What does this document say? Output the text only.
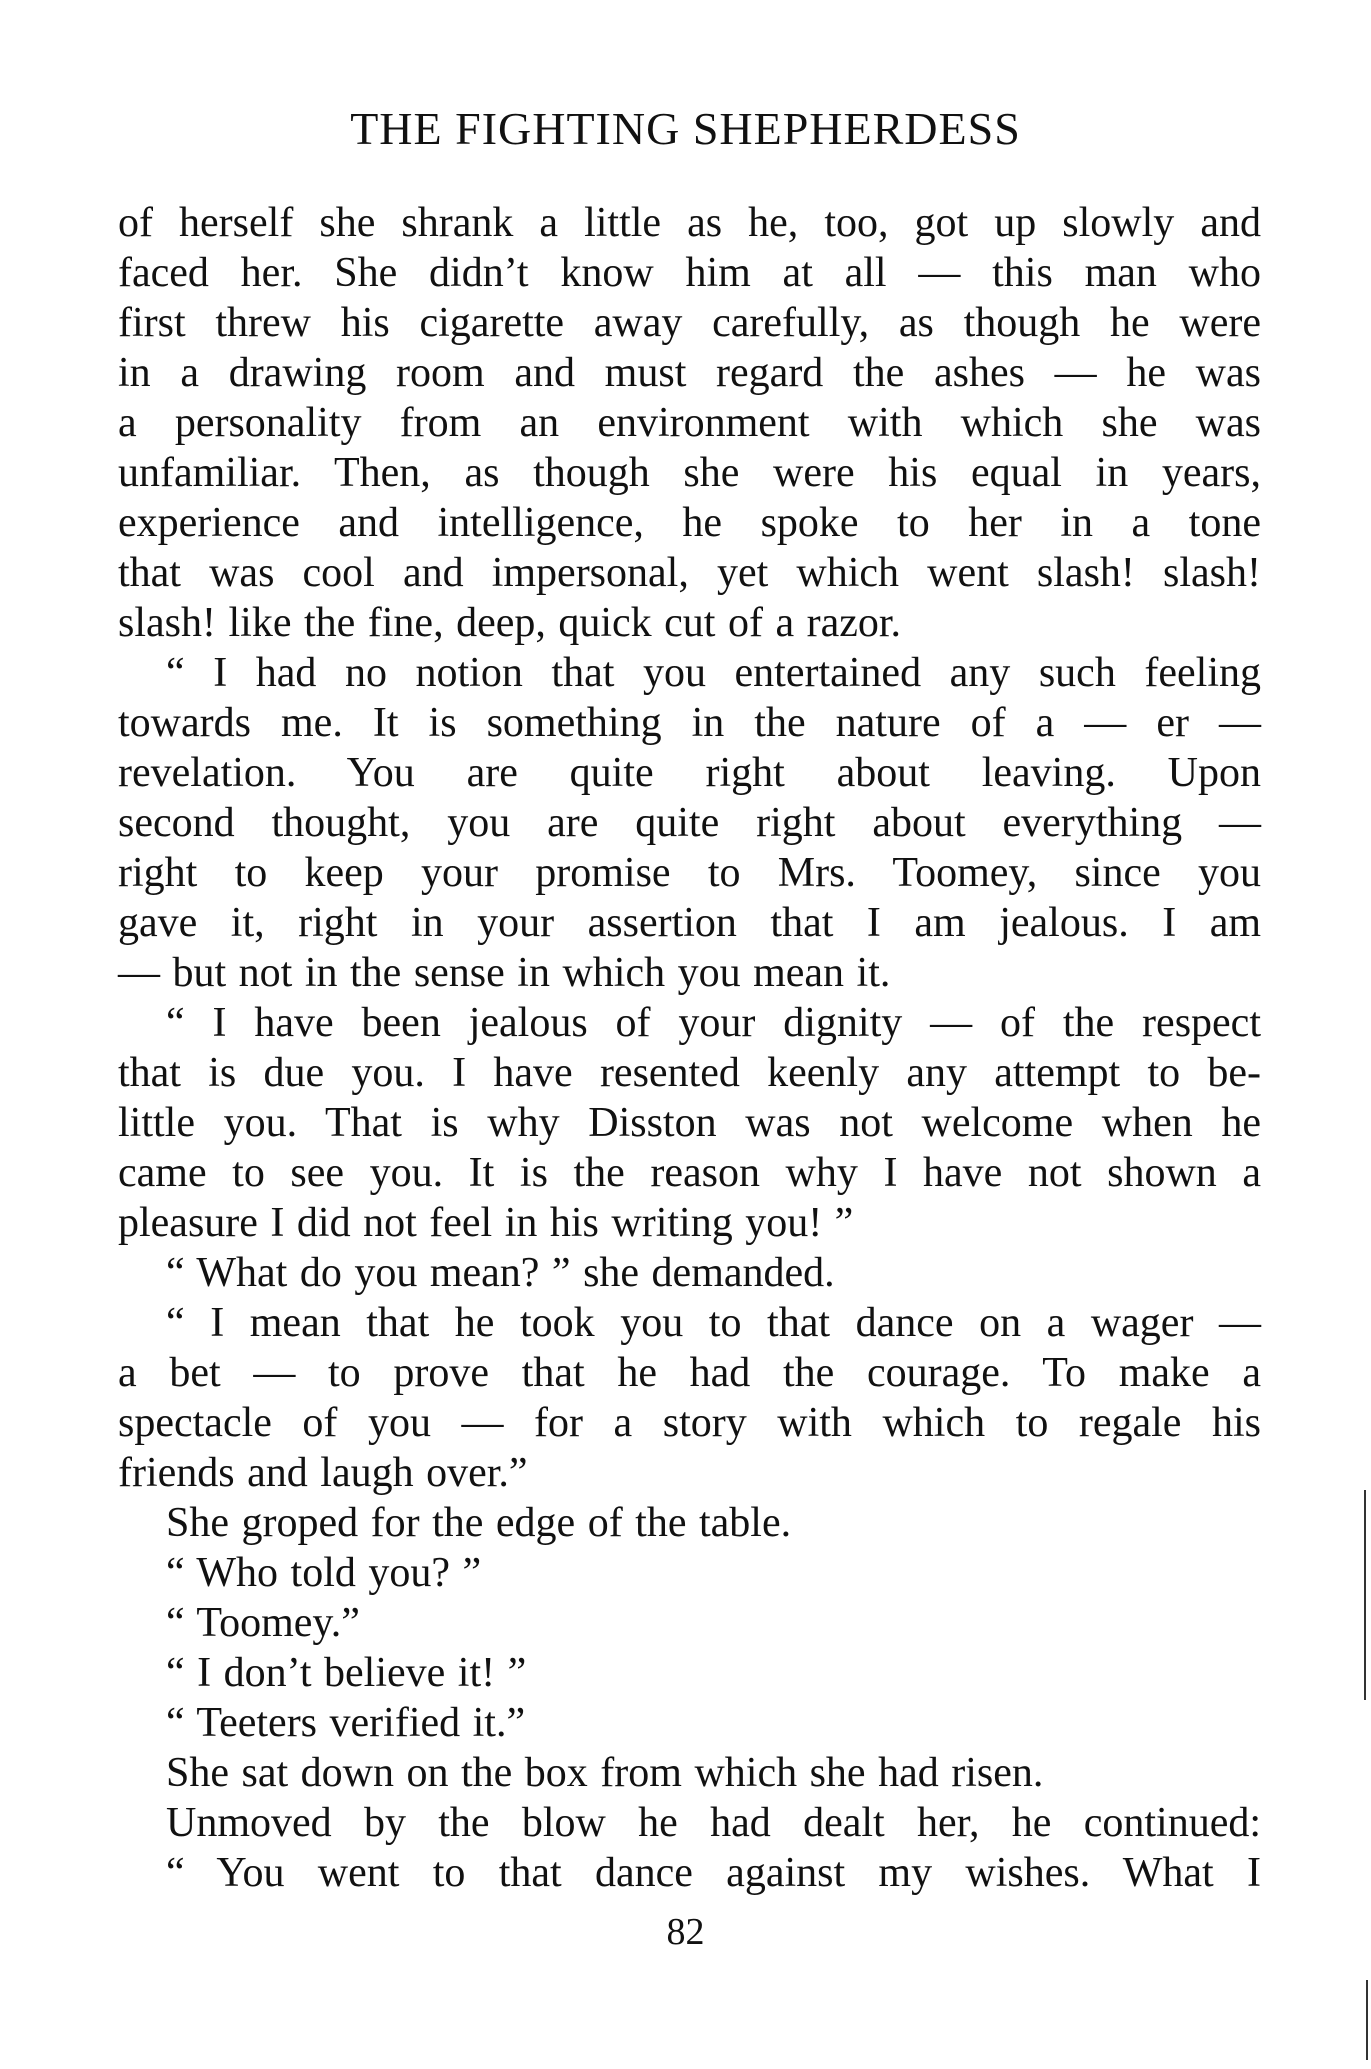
THE FIGHTING SHEPHERDESS
of herself she shrank a little as he, too, got up slowly and
faced her. She didn’t know him at all — this man who
first threw his cigarette away carefully, as though he were
in a drawing room and must regard the ashes — he was
a personality from an environment with which she was
unfamiliar. Then, as though she were his equal in years,
experience and intelligence, he spoke to her in a tone
that was cool and impersonal, yet which went slash! slash!
slash! like the fine, deep, quick cut of a razor.
“ I had no notion that you entertained any such feeling
towards me. It is something in the nature of a — er —
revelation. You are quite right about leaving. Upon
second thought, you are quite right about everything —
right to keep your promise to Mrs. Toomey, since you
gave it, right in your assertion that I am jealous. I am
— but not in the sense in which you mean it.
“ I have been jealous of your dignity — of the respect
that is due you. I have resented keenly any attempt to be-
little you. That is why Disston was not welcome when he
came to see you. It is the reason why I have not shown a
pleasure I did not feel in his writing you! ”
“ What do you mean? ” she demanded.
“ I mean that he took you to that dance on a wager —
a bet — to prove that he had the courage. To make a
spectacle of you — for a story with which to regale his
friends and laugh over.”
She groped for the edge of the table.
“ Who told you? ”
“ Toomey.”
“ I don’t believe it! ”
“ Teeters verified it.”
She sat down on the box from which she had risen.
Unmoved by the blow he had dealt her, he continued:
“ You went to that dance against my wishes. What I
82
